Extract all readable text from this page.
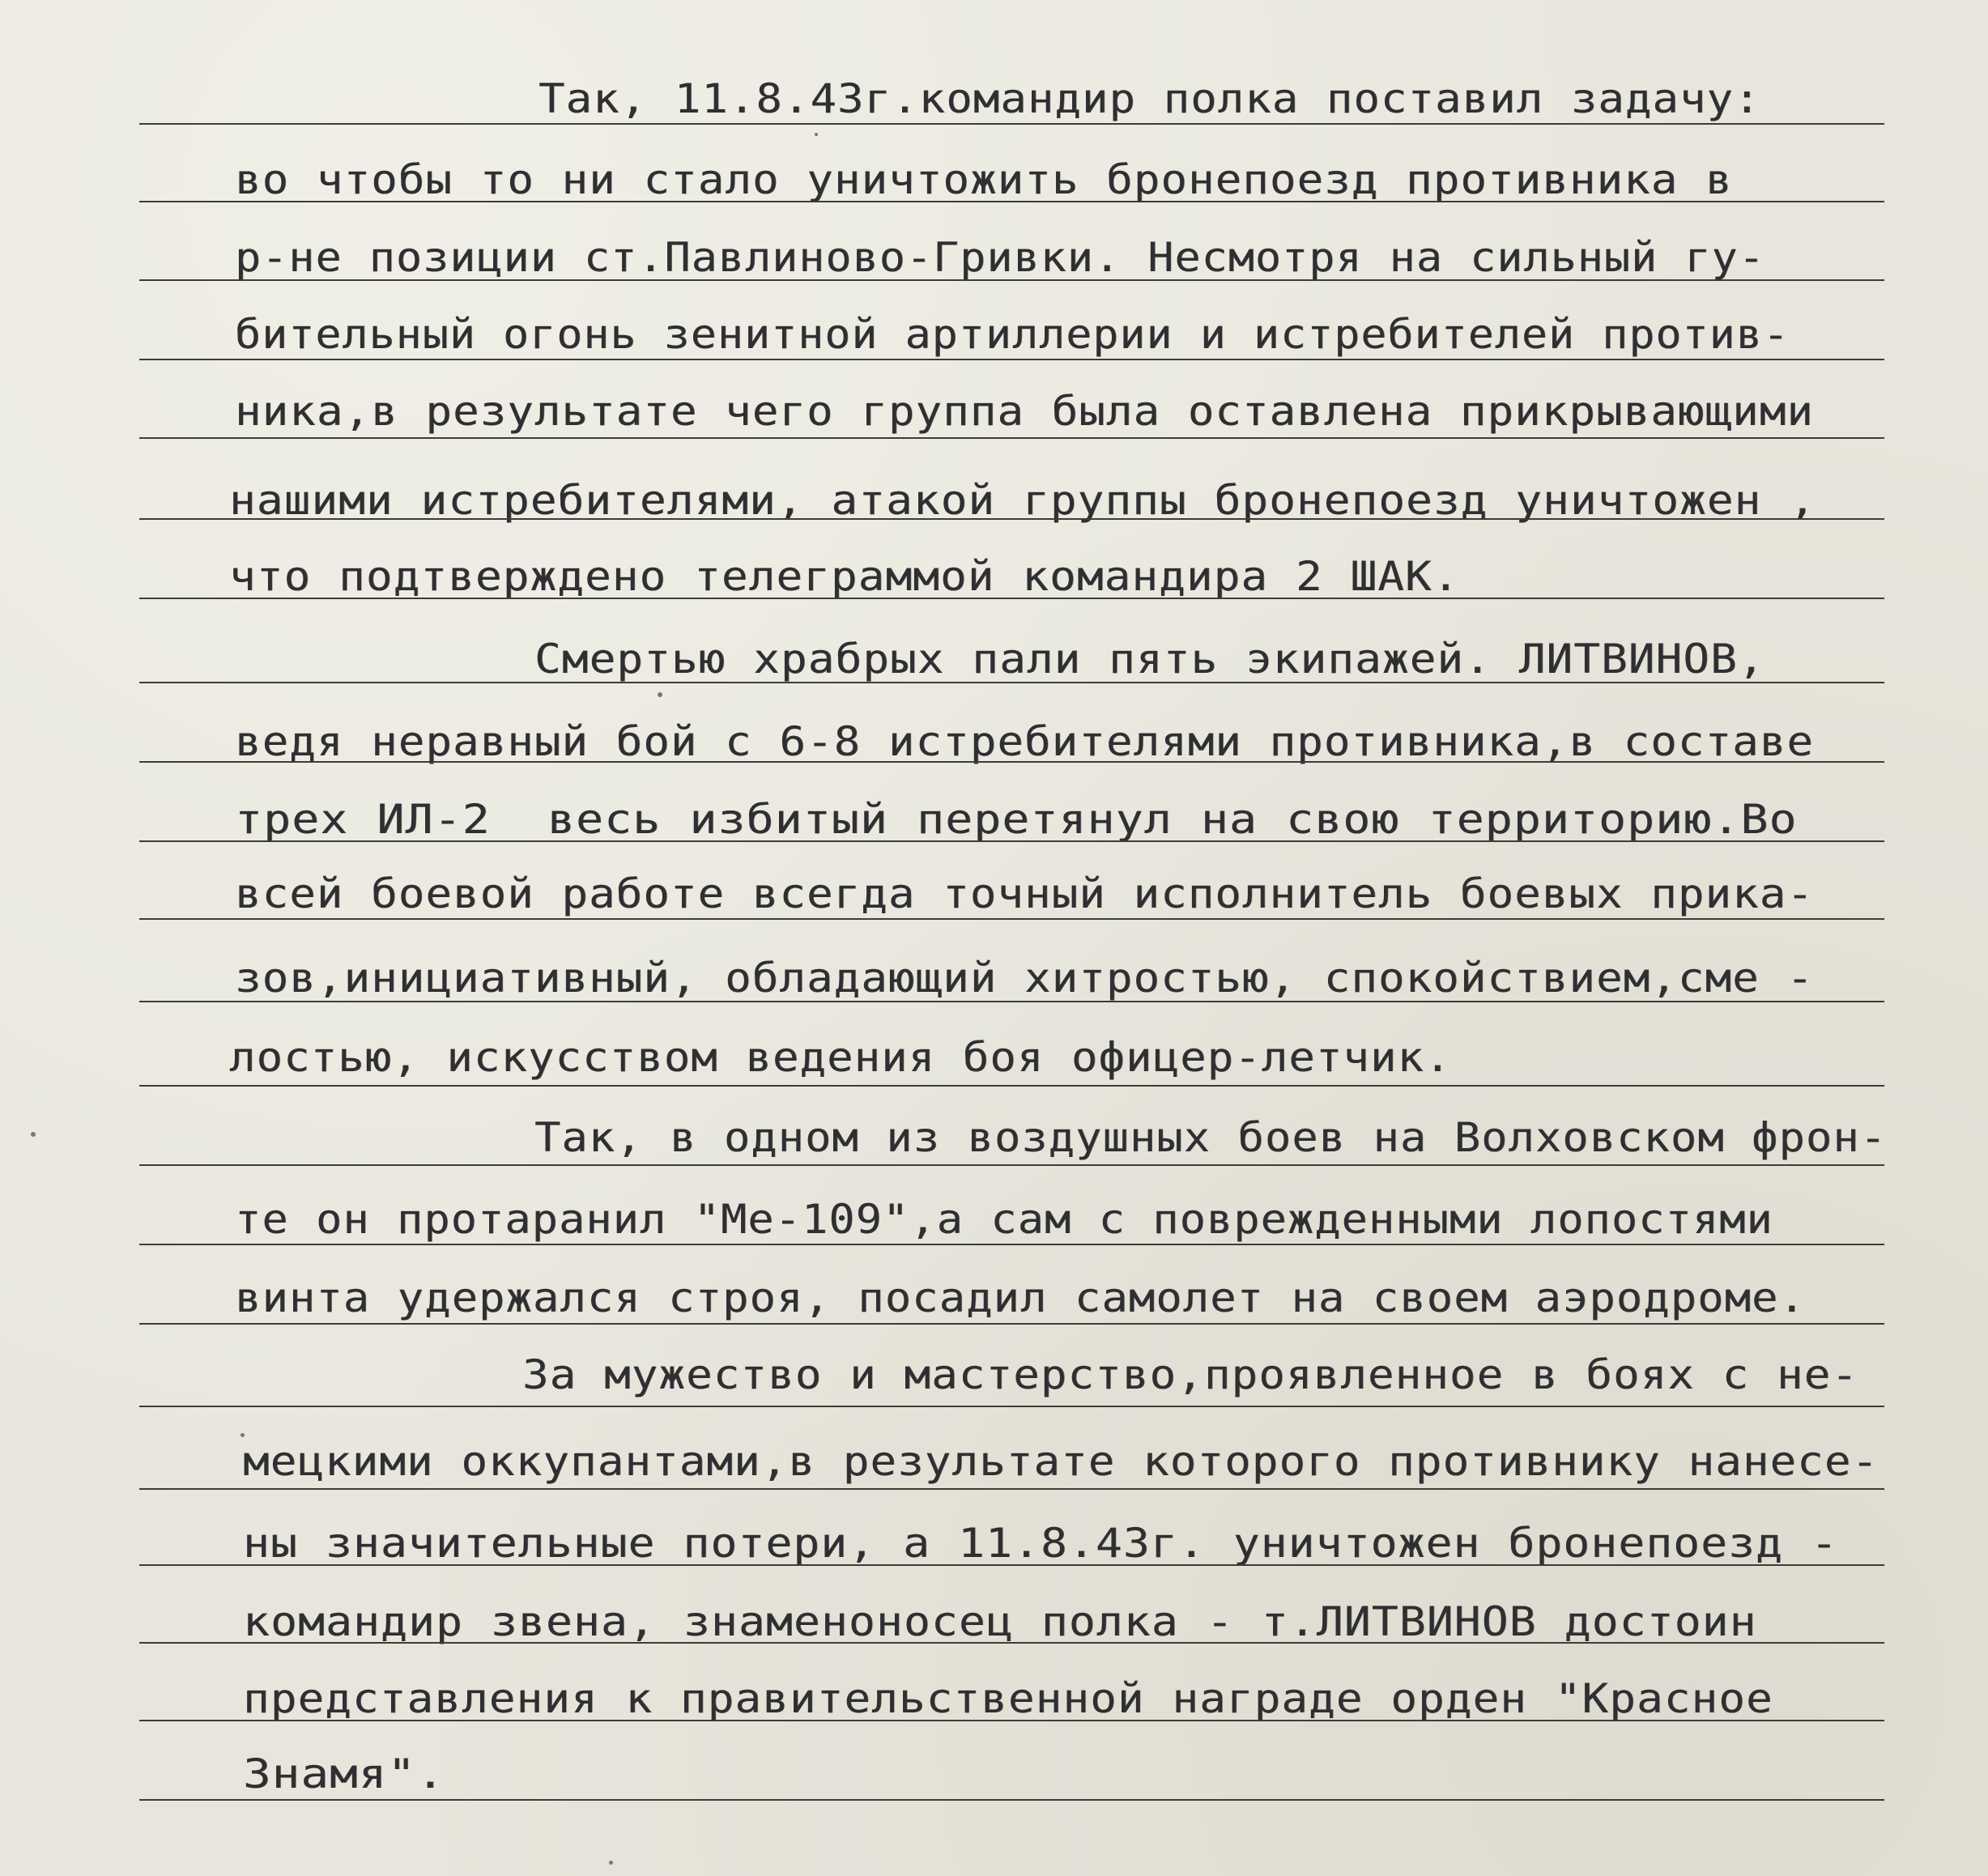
Так, 11.8.43г.командир полка поставил задачу:
во чтобы то ни стало уничтожить бронепоезд противника в
р-не позиции ст.Павлиново-Гривки. Несмотря на сильный гу-
бительный огонь зенитной артиллерии и истребителей против-
ника,в результате чего группа была оставлена прикрывающими
нашими истребителями, атакой группы бронепоезд уничтожен ,
что подтверждено телеграммой командира 2 ШАК.
Смертью храбрых пали пять экипажей. ЛИТВИНОВ,
ведя неравный бой с 6-8 истребителями противника,в составе
трех ИЛ-2  весь избитый перетянул на свою территорию.Во
всей боевой работе всегда точный исполнитель боевых прика-
зов,инициативный, обладающий хитростью, спокойствием,сме -
лостью, искусством ведения боя офицер-летчик.
Так, в одном из воздушных боев на Волховском фрон-
те он протаранил "Ме-109",а сам с поврежденными лопостями
винта удержался строя, посадил самолет на своем аэродроме.
За мужество и мастерство,проявленное в боях с не-
мецкими оккупантами,в результате которого противнику нанесе-
ны значительные потери, а 11.8.43г. уничтожен бронепоезд -
командир звена, знаменоносец полка - т.ЛИТВИНОВ достоин
представления к правительственной награде орден "Красное
Знамя".
